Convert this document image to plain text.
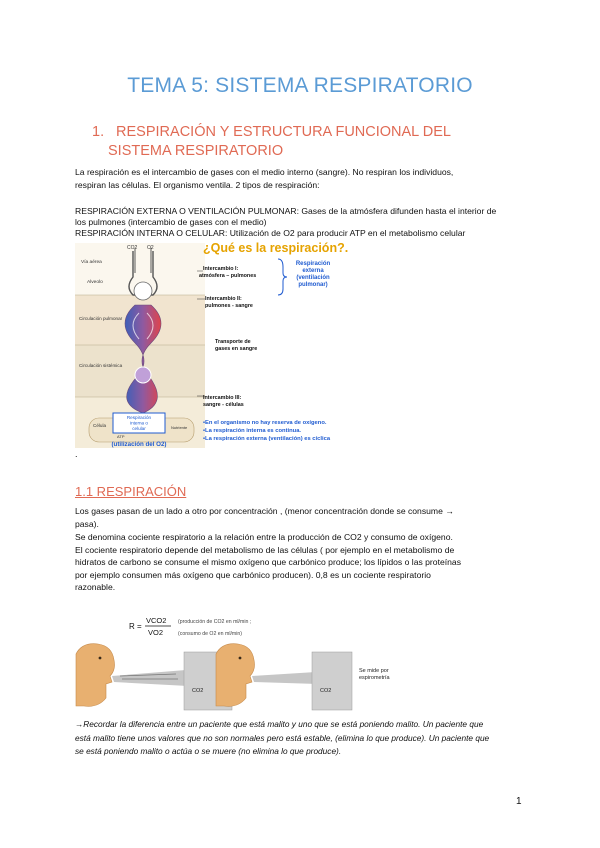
TEMA 5: SISTEMA RESPIRATORIO
1. RESPIRACIÓN Y ESTRUCTURA FUNCIONAL DEL
SISTEMA RESPIRATORIO
La respiración es el intercambio de gases con el medio interno (sangre). No respiran los individuos,
respiran las células. El organismo ventila. 2 tipos de respiración:
RESPIRACIÓN EXTERNA O VENTILACIÓN PULMONAR: Gases de la atmósfera difunden hasta el interior de
los pulmones (intercambio de gases con el medio)
RESPIRACIÓN INTERNA O CELULAR: Utilización de O2 para producir ATP en el metabolismo celular
CO2 O2
Respiración
interna o
celular	Nutriente
ATP
(utilización del O2)
Vía aérea
Alveolo
Circulación pulmonar
Circulación sistémica
Célula
¿Qué es la respiración?.
Intercambio I:
atmósfera – pulmones
Respiración
externa
(ventilación
pulmonar)
Intercambio II:
pulmones - sangre
Transporte de
gases en sangre
Intercambio III:
sangre - células
•En el organismo no hay reserva de oxígeno.
•La respiración interna es continua.
•La respiración externa (ventilación) es cíclica
.
1.1 RESPIRACIÓN
Los gases pasan de un lado a otro por concentración , (menor concentración donde se consume →
pasa).
Se denomina cociente respiratorio a la relación entre la producción de CO2 y consumo de oxígeno.
El cociente respiratorio depende del metabolismo de las células ( por ejemplo en el metabolismo de
hidratos de carbono se consume el mismo oxígeno que carbónico produce; los lípidos o las proteínas
por ejemplo consumen más oxígeno que carbónico producen). 0,8 es un cociente respiratorio
razonable.
R =
VCO2
VO2
(producción de CO2 en ml/min ;
(consumo de O2 en ml/min)
CO2	CO2
Se mide por
espirometría
→Recordar la diferencia entre un paciente que está malito y uno que se está poniendo malito. Un paciente que
está malito tiene unos valores que no son normales pero está estable, (elimina lo que produce). Un paciente que
se está poniendo malito o actúa o se muere (no elimina lo que produce).
1
